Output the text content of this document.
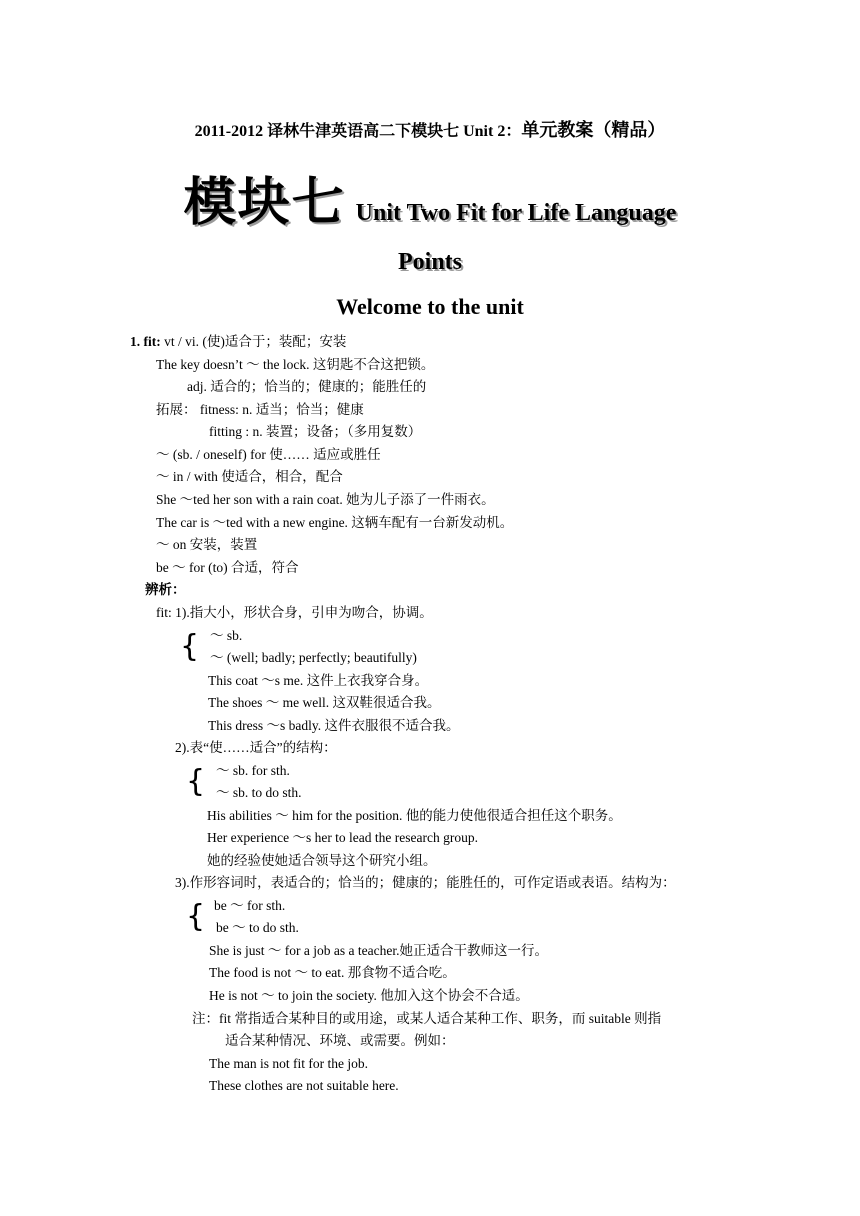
2011-2012 译林牛津英语高二下模块七 Unit 2：单元教案（精品）
模块七 Unit Two Fit for Life Language
Points
Welcome to the unit
1. fit: vt / vi. (使)适合于；装配；安装
The key doesn’t ～ the lock. 这钥匙不合这把锁。
adj. 适合的；恰当的；健康的；能胜任的
拓展： fitness: n. 适当；恰当；健康
fitting : n. 装置；设备；（多用复数）
～ (sb. / oneself) for 使…… 适应或胜任
～ in / with 使适合，相合，配合
She ～ted her son with a rain coat. 她为儿子添了一件雨衣。
The car is ～ted with a new engine. 这辆车配有一台新发动机。
～ on 安装，装置
be ～ for (to) 合适，符合
辨析：
fit: 1).指大小，形状合身，引申为吻合，协调。
{ ～ sb.
～ (well; badly; perfectly; beautifully)
This coat ～s me. 这件上衣我穿合身。
The shoes ～ me well. 这双鞋很适合我。
This dress ～s badly. 这件衣服很不适合我。
2).表“使……适合”的结构：
{ ～ sb. for sth.
～ sb. to do sth.
His abilities ～ him for the position. 他的能力使他很适合担任这个职务。
Her experience ～s her to lead the research group.
她的经验使她适合领导这个研究小组。
3).作形容词时，表适合的；恰当的；健康的；能胜任的，可作定语或表语。结构为：
{ be ～ for sth.
be ～ to do sth.
She is just ～ for a job as a teacher.她正适合干教师这一行。
The food is not ～ to eat. 那食物不适合吃。
He is not ～ to join the society. 他加入这个协会不合适。
注：fit 常指适合某种目的或用途，或某人适合某种工作、职务，而 suitable 则指
适合某种情况、环境、或需要。例如：
The man is not fit for the job.
These clothes are not suitable here.
